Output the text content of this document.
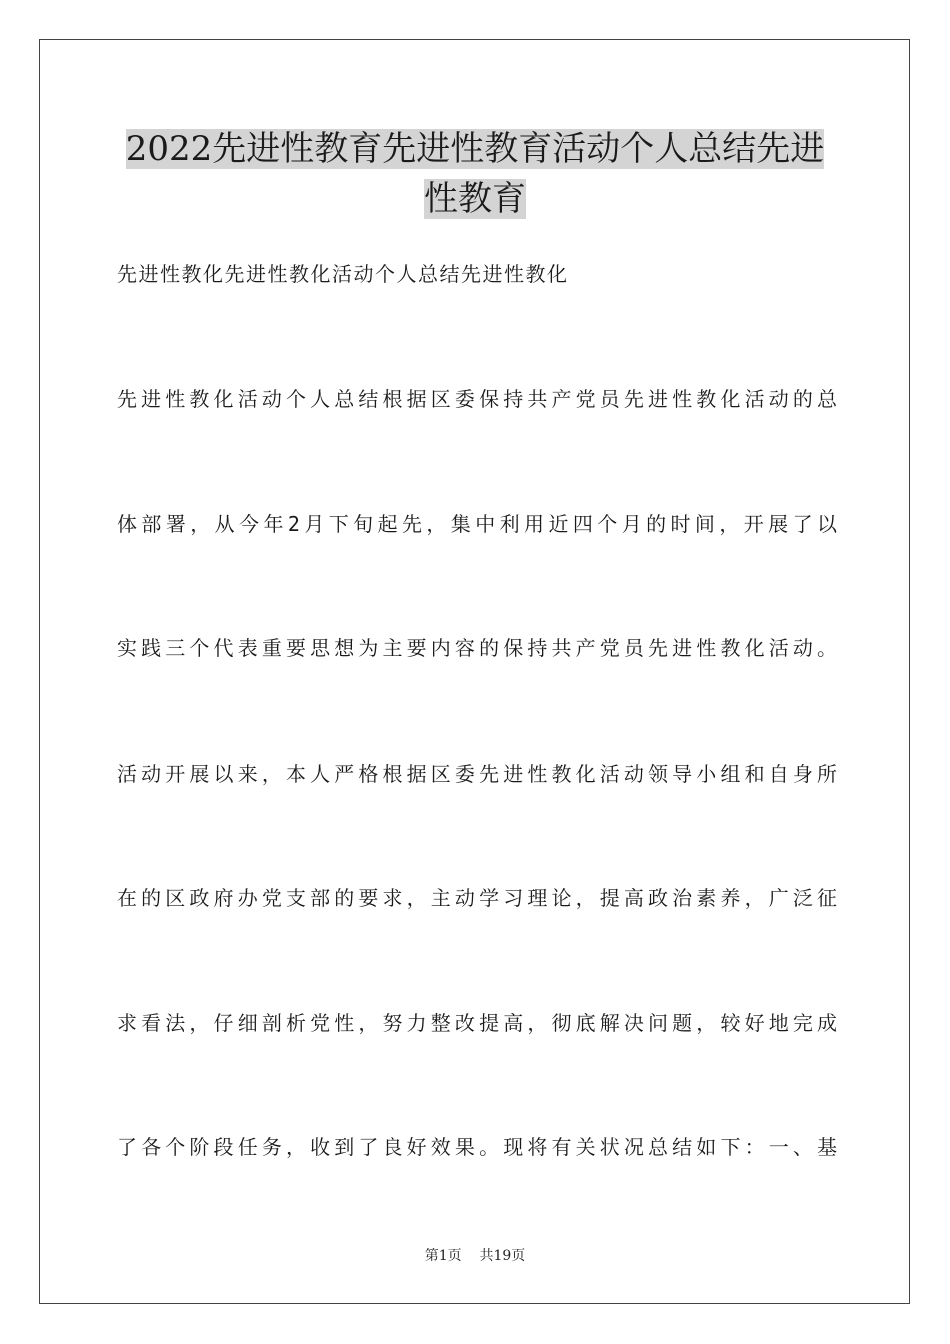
2022先进性教育先进性教育活动个人总结先进
性教育

先进性教化先进性教化活动个人总结先进性教化

先进性教化活动个人总结根据区委保持共产党员先进性教化活动的总

体部署，从今年2月下旬起先，集中利用近四个月的时间，开展了以

实践三个代表重要思想为主要内容的保持共产党员先进性教化活动。

活动开展以来，本人严格根据区委先进性教化活动领导小组和自身所

在的区政府办党支部的要求，主动学习理论，提高政治素养，广泛征

求看法，仔细剖析党性，努力整改提高，彻底解决问题，较好地完成

了各个阶段任务，收到了良好效果。现将有关状况总结如下：一、基

第1页    共19页
